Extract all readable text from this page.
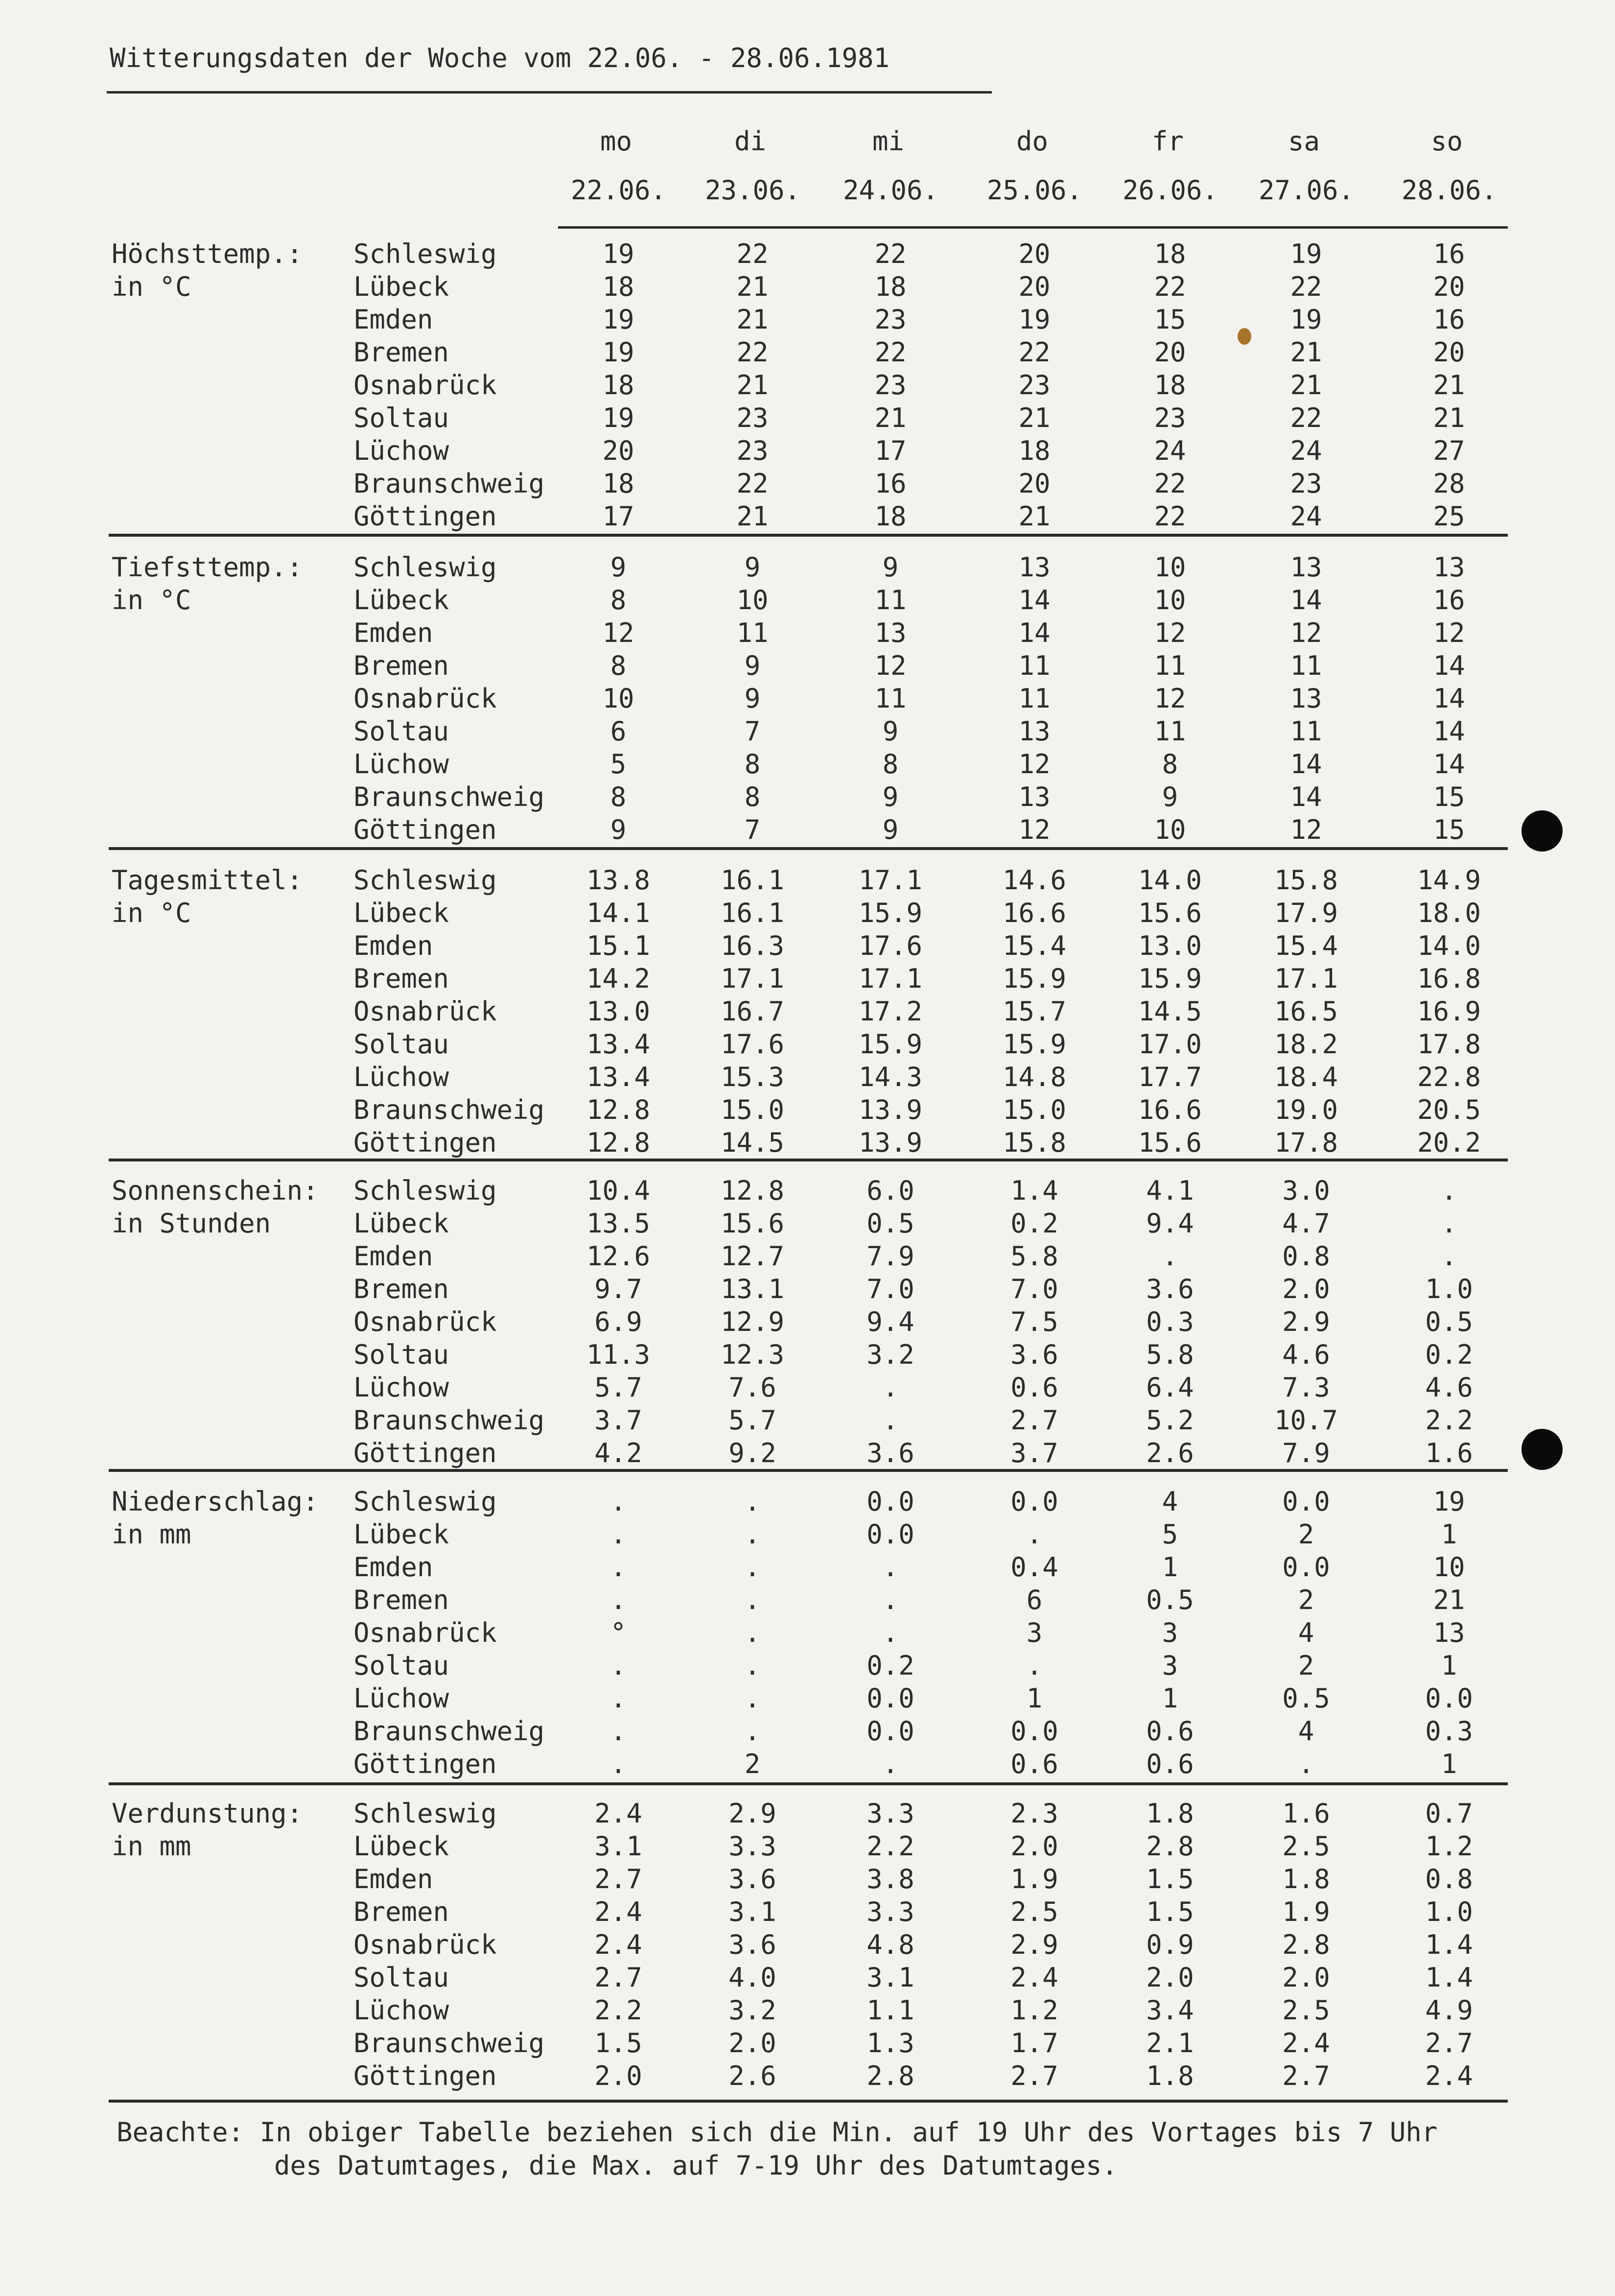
Witterungsdaten der Woche vom 22.06. - 28.06.1981
mo
22.06.
di
23.06.
mi
24.06.
do
25.06.
fr
26.06.
sa
27.06.
so
28.06.
Höchsttemp.:
in °C
Schleswig	19	22	22	20	18	19	16
Lübeck	18	21	18	20	22	22	20
Emden	19	21	23	19	15	19	16
Bremen	19	22	22	22	20	21	20
Osnabrück	18	21	23	23	18	21	21
Soltau	19	23	21	21	23	22	21
Lüchow	20	23	17	18	24	24	27
Braunschweig	18	22	16	20	22	23	28
Göttingen	17	21	18	21	22	24	25
Tiefsttemp.:
in °C
Schleswig	9	9	9	13	10	13	13
Lübeck	8	10	11	14	10	14	16
Emden	12	11	13	14	12	12	12
Bremen	8	9	12	11	11	11	14
Osnabrück	10	9	11	11	12	13	14
Soltau	6	7	9	13	11	11	14
Lüchow	5	8	8	12	8	14	14
Braunschweig	8	8	9	13	9	14	15
Göttingen	9	7	9	12	10	12	15
Tagesmittel:
in °C
Schleswig	13.8	16.1	17.1	14.6	14.0	15.8	14.9
Lübeck	14.1	16.1	15.9	16.6	15.6	17.9	18.0
Emden	15.1	16.3	17.6	15.4	13.0	15.4	14.0
Bremen	14.2	17.1	17.1	15.9	15.9	17.1	16.8
Osnabrück	13.0	16.7	17.2	15.7	14.5	16.5	16.9
Soltau	13.4	17.6	15.9	15.9	17.0	18.2	17.8
Lüchow	13.4	15.3	14.3	14.8	17.7	18.4	22.8
Braunschweig 12.8	15.0	13.9	15.0	16.6	19.0	20.5
Göttingen	12.8	14.5	13.9	15.8	15.6	17.8	20.2
Sonnenschein:
in Stunden
Schleswig	10.4	12.8	6.0	1.4	4.1	3.0	.
Lübeck	13.5	15.6	0.5	0.2	9.4	4.7	.
Emden	12.6	12.7	7.9	5.8	.	0.8	.
Bremen	9.7	13.1	7.0	7.0	3.6	2.0	1.0
Osnabrück	6.9	12.9	9.4	7.5	0.3	2.9	0.5
Soltau	11.3	12.3	3.2	3.6	5.8	4.6	0.2
Lüchow	5.7	7.6	.	0.6	6.4	7.3	4.6
Braunschweig	3.7	5.7	.	2.7	5.2	10.7	2.2
Göttingen	4.2	9.2	3.6	3.7	2.6	7.9	1.6
Niederschlag:
in mm
Schleswig	.	.	0.0	0.0	4	0.0	19
Lübeck	.	.	0.0	.	5	2	1
Emden	.	.	.	0.4	1	0.0	10
Bremen	.	.	.	6	0.5	2	21
Osnabrück	°	.	.	3	3	4	13
Soltau	.	.	0.2	.	3	2	1
Lüchow	.	.	0.0	1	1	0.5	0.0
Braunschweig	.	.	0.0	0.0	0.6	4	0.3
Göttingen	.	2	.	0.6	0.6	.	1
Verdunstung:
in mm
Schleswig	2.4	2.9	3.3	2.3	1.8	1.6	0.7
Lübeck	3.1	3.3	2.2	2.0	2.8	2.5	1.2
Emden	2.7	3.6	3.8	1.9	1.5	1.8	0.8
Bremen	2.4	3.1	3.3	2.5	1.5	1.9	1.0
Osnabrück	2.4	3.6	4.8	2.9	0.9	2.8	1.4
Soltau	2.7	4.0	3.1	2.4	2.0	2.0	1.4
Lüchow	2.2	3.2	1.1	1.2	3.4	2.5	4.9
Braunschweig	1.5	2.0	1.3	1.7	2.1	2.4	2.7
Göttingen	2.0	2.6	2.8	2.7	1.8	2.7	2.4
Beachte: In obiger Tabelle beziehen sich die Min. auf 19 Uhr des Vortages bis 7 Uhr
des Datumtages, die Max. auf 7-19 Uhr des Datumtages.
